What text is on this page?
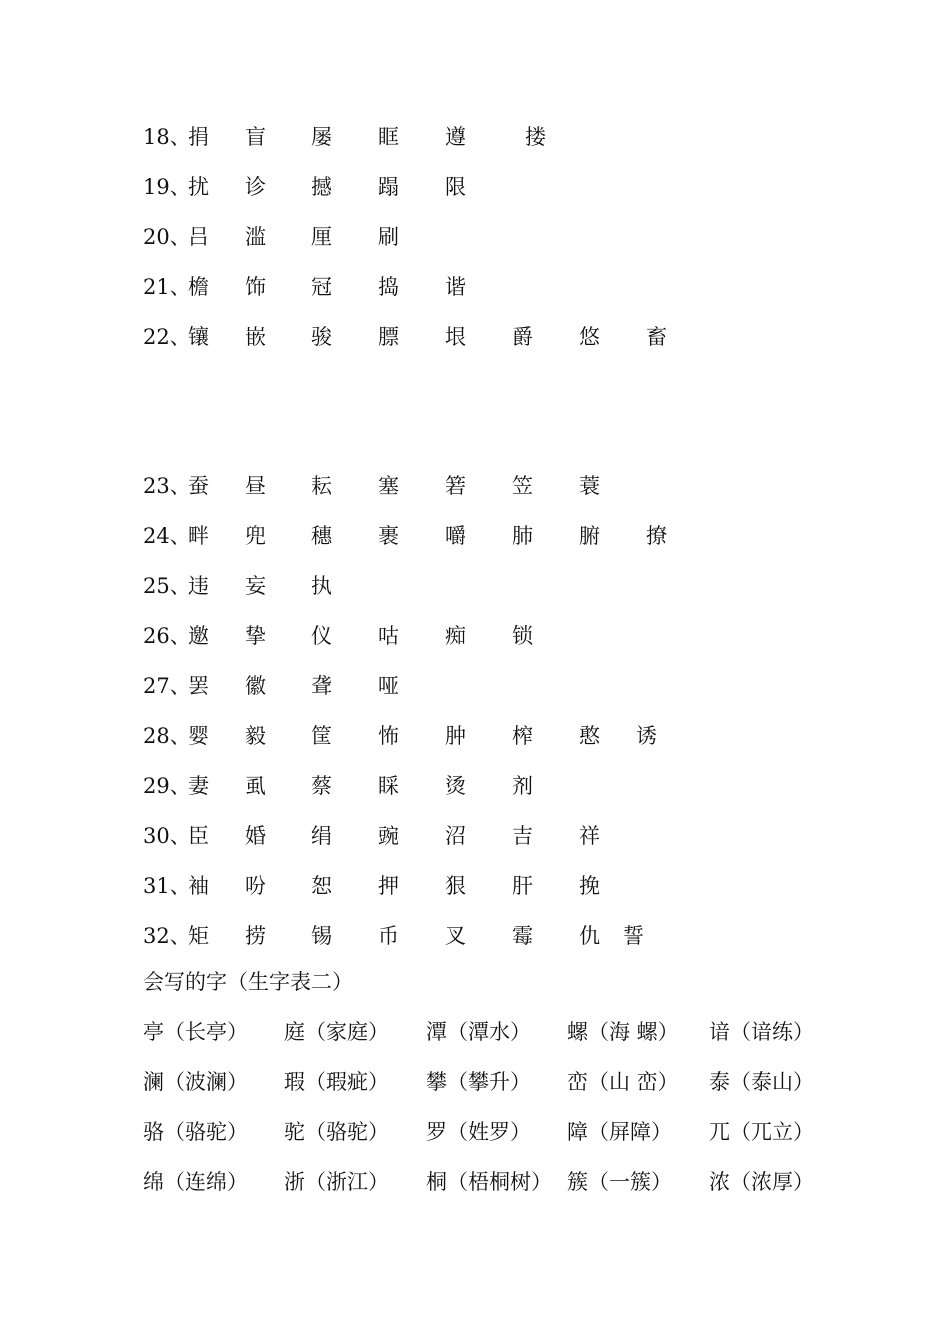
18、
捐 盲 屡 眶 遵	搂
19、
扰 诊 撼 蹋 限
20、
吕 滥 厘 刷
21、
檐 饰 冠 捣 谐
22、
镶 嵌 骏 膘 垠 爵 悠 畜
23、
蚕 昼 耘 塞 箬 笠 蓑
24、
畔 兜 穗 裹 嚼 肺 腑 撩
25、
违 妄 执
26、
邀 挚 仪 咕 痴 锁
27、
罢 徽 聋 哑
28、
婴 毅 筐 怖 肿 榨 憨 诱
29、
妻 虱 蔡 睬 烫 剂
30、
臣 婚 绢 豌 沼 吉 祥
31、
袖 吩 恕 押 狠 肝 挽
32、
矩 捞 锡 币 叉 霉 仇 誓
会写的字（生字表二）
亭（长亭） 庭（家庭） 潭（潭水） 螺（海 螺） 谙（谙练）
澜（波澜） 瑕（瑕疵） 攀（攀升） 峦（山 峦） 泰（泰山）
骆（骆驼） 驼（骆驼） 罗（姓罗） 障（屏障） 兀（兀立）
绵（连绵） 浙（浙江） 桐（梧桐树） 簇（一簇） 浓（浓厚）
